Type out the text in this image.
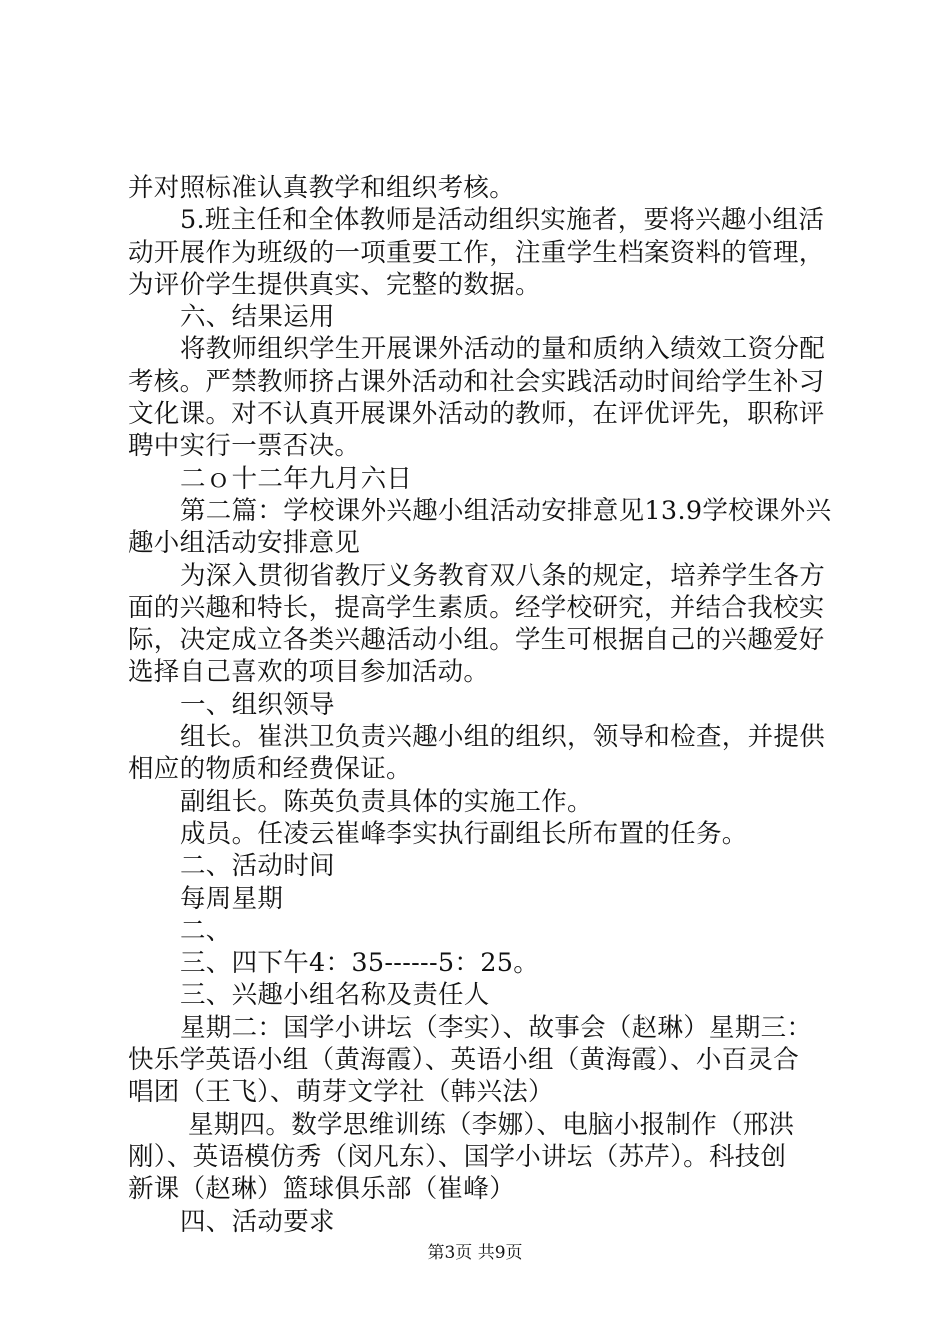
并对照标准认真教学和组织考核。
5.班主任和全体教师是活动组织实施者，要将兴趣小组活
动开展作为班级的一项重要工作，注重学生档案资料的管理，
为评价学生提供真实、完整的数据。
六、结果运用
将教师组织学生开展课外活动的量和质纳入绩效工资分配
考核。严禁教师挤占课外活动和社会实践活动时间给学生补习
文化课。对不认真开展课外活动的教师，在评优评先，职称评
聘中实行一票否决。
二ｏ十二年九月六日
第二篇：学校课外兴趣小组活动安排意见13.9学校课外兴
趣小组活动安排意见
为深入贯彻省教厅义务教育双八条的规定，培养学生各方
面的兴趣和特长，提高学生素质。经学校研究，并结合我校实
际，决定成立各类兴趣活动小组。学生可根据自己的兴趣爱好
选择自己喜欢的项目参加活动。
一、组织领导
组长。崔洪卫负责兴趣小组的组织，领导和检查，并提供
相应的物质和经费保证。
副组长。陈英负责具体的实施工作。
成员。任凌云崔峰李实执行副组长所布置的任务。
二、活动时间
每周星期
二、
三、四下午4：35------5：25。
三、兴趣小组名称及责任人
星期二：国学小讲坛（李实）、故事会（赵琳）星期三：
快乐学英语小组（黄海霞）、英语小组（黄海霞）、小百灵合
唱团（王飞）、萌芽文学社（韩兴法）
星期四。数学思维训练（李娜）、电脑小报制作（邢洪
刚）、英语模仿秀（闵凡东）、国学小讲坛（苏芹）。科技创
新课（赵琳）篮球俱乐部（崔峰）
四、活动要求
第3页 共9页
